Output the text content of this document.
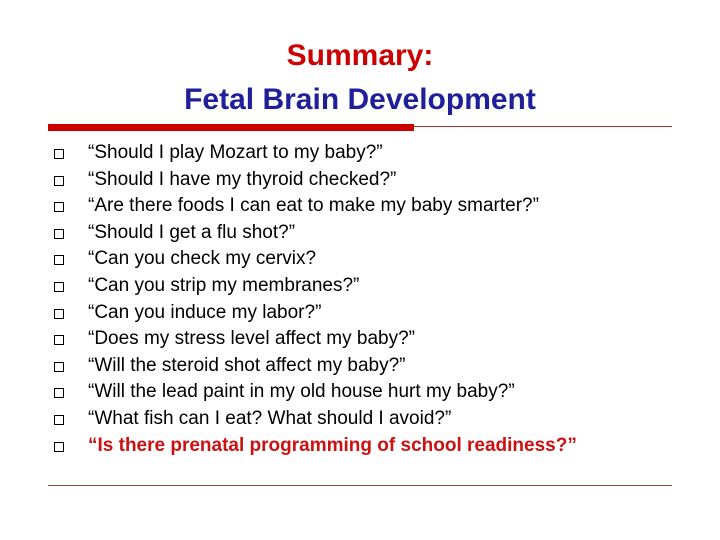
Summary:
Fetal Brain Development
“Should I play Mozart to my baby?”
“Should I have my thyroid checked?”
“Are there foods I can eat to make my baby smarter?”
“Should I get a flu shot?”
“Can you check my cervix?
“Can you strip my membranes?”
“Can you induce my labor?”
“Does my stress level affect my baby?”
“Will the steroid shot affect my baby?”
“Will the lead paint in my old house hurt my baby?”
“What fish can I eat? What should I avoid?”
“Is there prenatal programming of school readiness?”
